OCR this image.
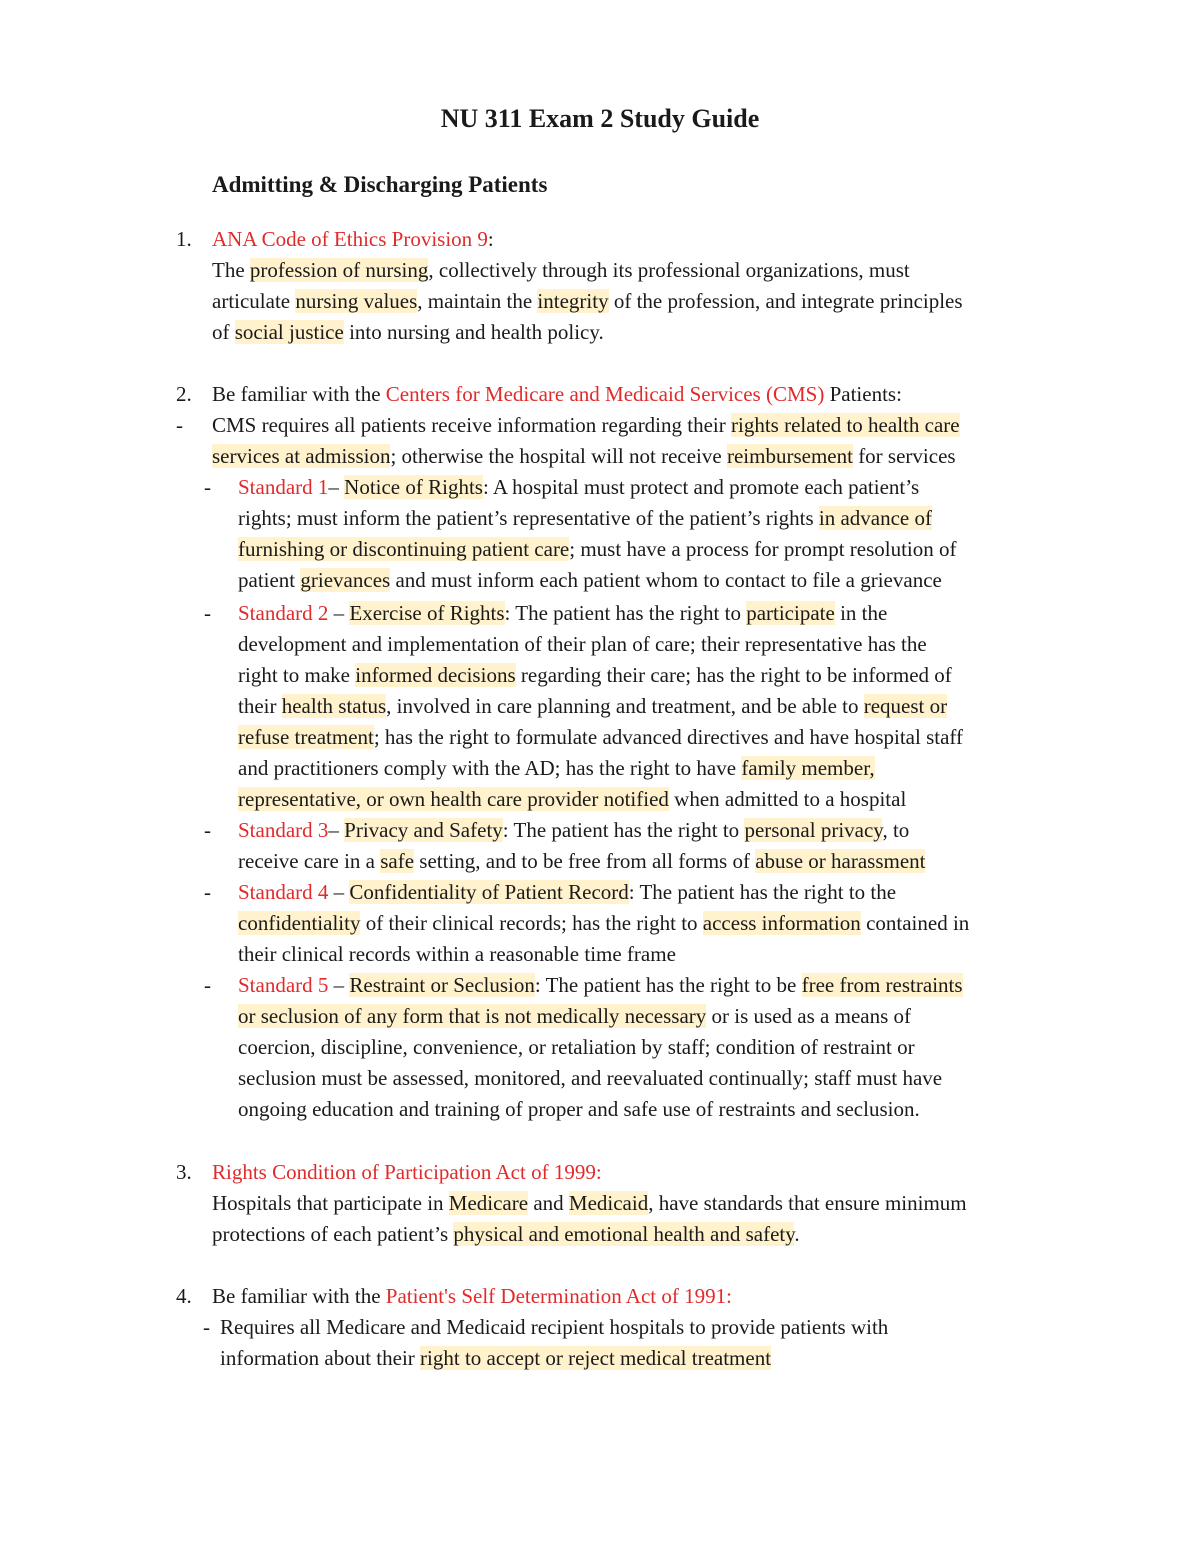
NU 311 Exam 2 Study Guide
Admitting & Discharging Patients
1. ANA Code of Ethics Provision 9:
The profession of nursing, collectively through its professional organizations, must
articulate nursing values, maintain the integrity of the profession, and integrate principles
of social justice into nursing and health policy.
2. Be familiar with the Centers for Medicare and Medicaid Services (CMS) Patients:
- CMS requires all patients receive information regarding their rights related to health care
services at admission; otherwise the hospital will not receive reimbursement for services
- Standard 1– Notice of Rights: A hospital must protect and promote each patient’s
rights; must inform the patient’s representative of the patient’s rights in advance of
furnishing or discontinuing patient care; must have a process for prompt resolution of
patient grievances and must inform each patient whom to contact to file a grievance
- Standard 2 – Exercise of Rights: The patient has the right to participate in the
development and implementation of their plan of care; their representative has the
right to make informed decisions regarding their care; has the right to be informed of
their health status, involved in care planning and treatment, and be able to request or
refuse treatment; has the right to formulate advanced directives and have hospital staff
and practitioners comply with the AD; has the right to have family member,
representative, or own health care provider notified when admitted to a hospital
- Standard 3– Privacy and Safety: The patient has the right to personal privacy, to
receive care in a safe setting, and to be free from all forms of abuse or harassment
- Standard 4 – Confidentiality of Patient Record: The patient has the right to the
confidentiality of their clinical records; has the right to access information contained in
their clinical records within a reasonable time frame
- Standard 5 – Restraint or Seclusion: The patient has the right to be free from restraints
or seclusion of any form that is not medically necessary or is used as a means of
coercion, discipline, convenience, or retaliation by staff; condition of restraint or
seclusion must be assessed, monitored, and reevaluated continually; staff must have
ongoing education and training of proper and safe use of restraints and seclusion.
3. Rights Condition of Participation Act of 1999:
Hospitals that participate in Medicare and Medicaid, have standards that ensure minimum
protections of each patient’s physical and emotional health and safety.
4. Be familiar with the Patient's Self Determination Act of 1991:
- Requires all Medicare and Medicaid recipient hospitals to provide patients with
information about their right to accept or reject medical treatment
